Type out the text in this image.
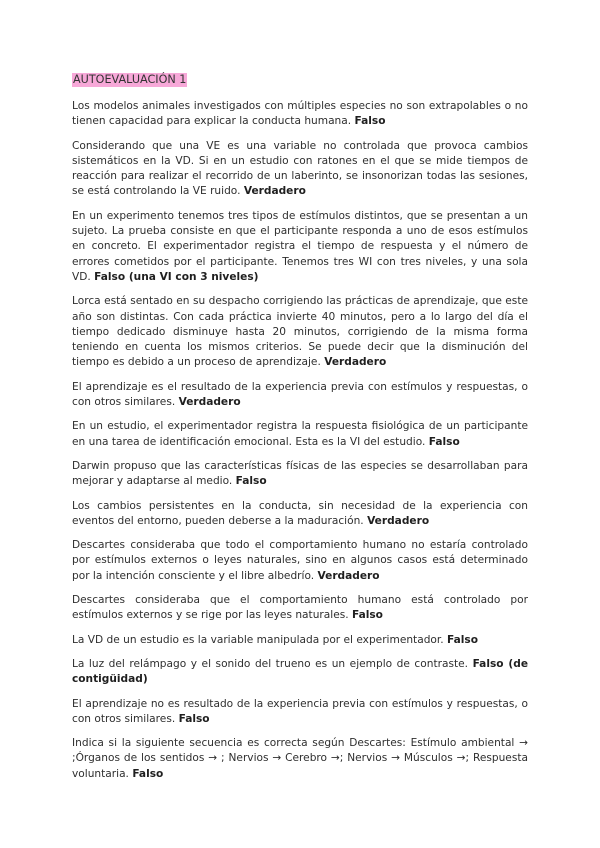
AUTOEVALUACIÓN 1

Los modelos animales investigados con múltiples especies no son extrapolables o no tienen capacidad para explicar la conducta humana. Falso

Considerando que una VE es una variable no controlada que provoca cambios sistemáticos en la VD. Si en un estudio con ratones en el que se mide tiempos de reacción para realizar el recorrido de un laberinto, se insonorizan todas las sesiones, se está controlando la VE ruido. Verdadero

En un experimento tenemos tres tipos de estímulos distintos, que se presentan a un sujeto. La prueba consiste en que el participante responda a uno de esos estímulos en concreto. El experimentador registra el tiempo de respuesta y el número de errores cometidos por el participante. Tenemos tres WI con tres niveles, y una sola VD. Falso (una VI con 3 niveles)

Lorca está sentado en su despacho corrigiendo las prácticas de aprendizaje, que este año son distintas. Con cada práctica invierte 40 minutos, pero a lo largo del día el tiempo dedicado disminuye hasta 20 minutos, corrigiendo de la misma forma teniendo en cuenta los mismos criterios. Se puede decir que la disminución del tiempo es debido a un proceso de aprendizaje. Verdadero

El aprendizaje es el resultado de la experiencia previa con estímulos y respuestas, o con otros similares. Verdadero

En un estudio, el experimentador registra la respuesta fisiológica de un participante en una tarea de identificación emocional. Esta es la VI del estudio. Falso

Darwin propuso que las características físicas de las especies se desarrollaban para mejorar y adaptarse al medio. Falso

Los cambios persistentes en la conducta, sin necesidad de la experiencia con eventos del entorno, pueden deberse a la maduración. Verdadero

Descartes consideraba que todo el comportamiento humano no estaría controlado por estímulos externos o leyes naturales, sino en algunos casos está determinado por la intención consciente y el libre albedrío. Verdadero

Descartes consideraba que el comportamiento humano está controlado por estímulos externos y se rige por las leyes naturales. Falso

La VD de un estudio es la variable manipulada por el experimentador. Falso

La luz del relámpago y el sonido del trueno es un ejemplo de contraste. Falso (de contigüidad)

El aprendizaje no es resultado de la experiencia previa con estímulos y respuestas, o con otros similares. Falso

Indica si la siguiente secuencia es correcta según Descartes: Estímulo ambiental → ;Órganos de los sentidos → ; Nervios → Cerebro →; Nervios → Músculos →; Respuesta voluntaria. Falso
